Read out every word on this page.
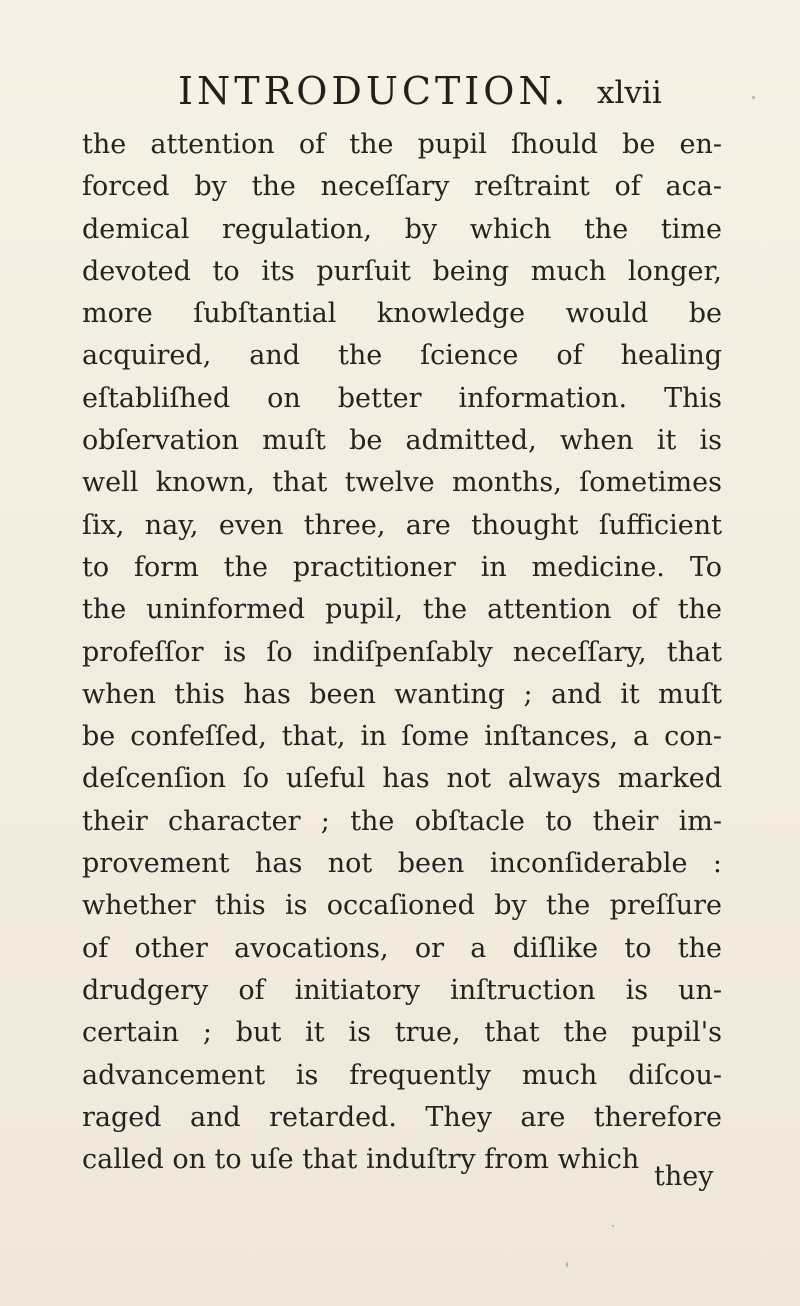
INTRODUCTION. xlvii
the attention of the pupil ſhould be en-
forced by the neceſſary reſtraint of aca-
demical regulation, by which the time
devoted to its purſuit being much longer,
more ſubſtantial knowledge would be
acquired, and the ſcience of healing
eſtabliſhed on better information. This
obſervation muſt be admitted, when it is
well known, that twelve months, ſometimes
ſix, nay, even three, are thought ſufficient
to form the practitioner in medicine. To
the uninformed pupil, the attention of the
profeſſor is ſo indiſpenſably neceſſary, that
when this has been wanting ; and it muſt
be confeſſed, that, in ſome inſtances, a con-
deſcenſion ſo uſeful has not always marked
their character ; the obſtacle to their im-
provement has not been inconſiderable :
whether this is occaſioned by the preſſure
of other avocations, or a diſlike to the
drudgery of initiatory inſtruction is un-
certain ; but it is true, that the pupil's
advancement is frequently much diſcou-
raged and retarded. They are therefore
called on to uſe that induſtry from which
they
